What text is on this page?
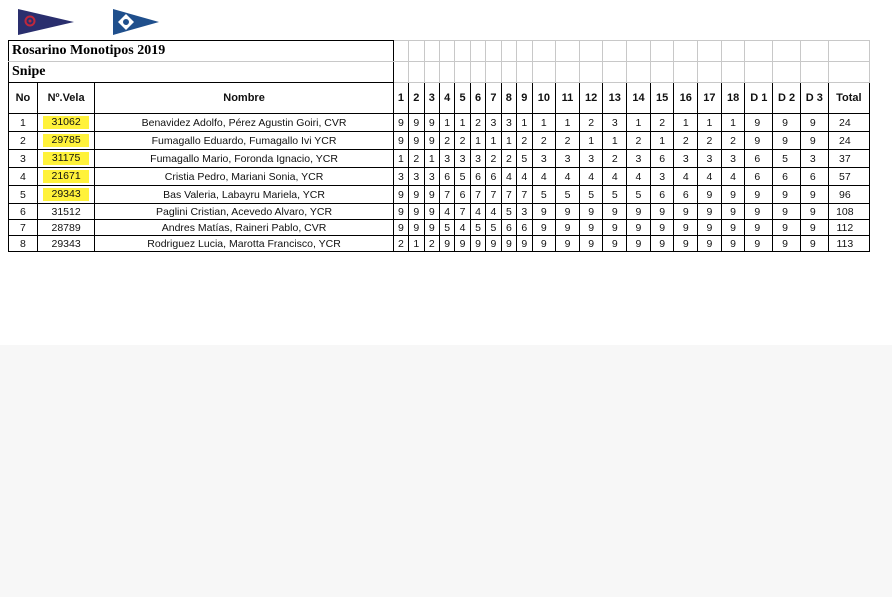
Rosarino Monotipos 2019																								
Snipe																								
No	Nº.Vela	Nombre	1	2	3	4	5	6	7	8	9	10	11	12	13	14	15	16	17	18	D 1	D 2	D 3	Total
1	31062	Benavidez Adolfo, Pérez Agustin Goiri, CVR	9	9	9	1	1	2	3	3	1	1	1	2	3	1	2	1	1	1	9	9	9	24
2	29785	Fumagallo Eduardo, Fumagallo Ivi YCR	9	9	9	2	2	1	1	1	2	2	2	1	1	2	1	2	2	2	9	9	9	24
3	31175	Fumagallo Mario, Foronda Ignacio, YCR	1	2	1	3	3	3	2	2	5	3	3	3	2	3	6	3	3	3	6	5	3	37
4	21671	Cristia Pedro, Mariani Sonia, YCR	3	3	3	6	5	6	6	4	4	4	4	4	4	4	3	4	4	4	6	6	6	57
5	29343	Bas Valeria, Labayru Mariela, YCR	9	9	9	7	6	7	7	7	7	5	5	5	5	5	6	6	9	9	9	9	9	96
6	31512	Paglini Cristian, Acevedo Alvaro, YCR	9	9	9	4	7	4	4	5	3	9	9	9	9	9	9	9	9	9	9	9	9	108
7	28789	Andres Matías, Raineri Pablo, CVR	9	9	9	5	4	5	5	6	6	9	9	9	9	9	9	9	9	9	9	9	9	112
8	29343	Rodriguez Lucia, Marotta Francisco, YCR	2	1	2	9	9	9	9	9	9	9	9	9	9	9	9	9	9	9	9	9	9	113
